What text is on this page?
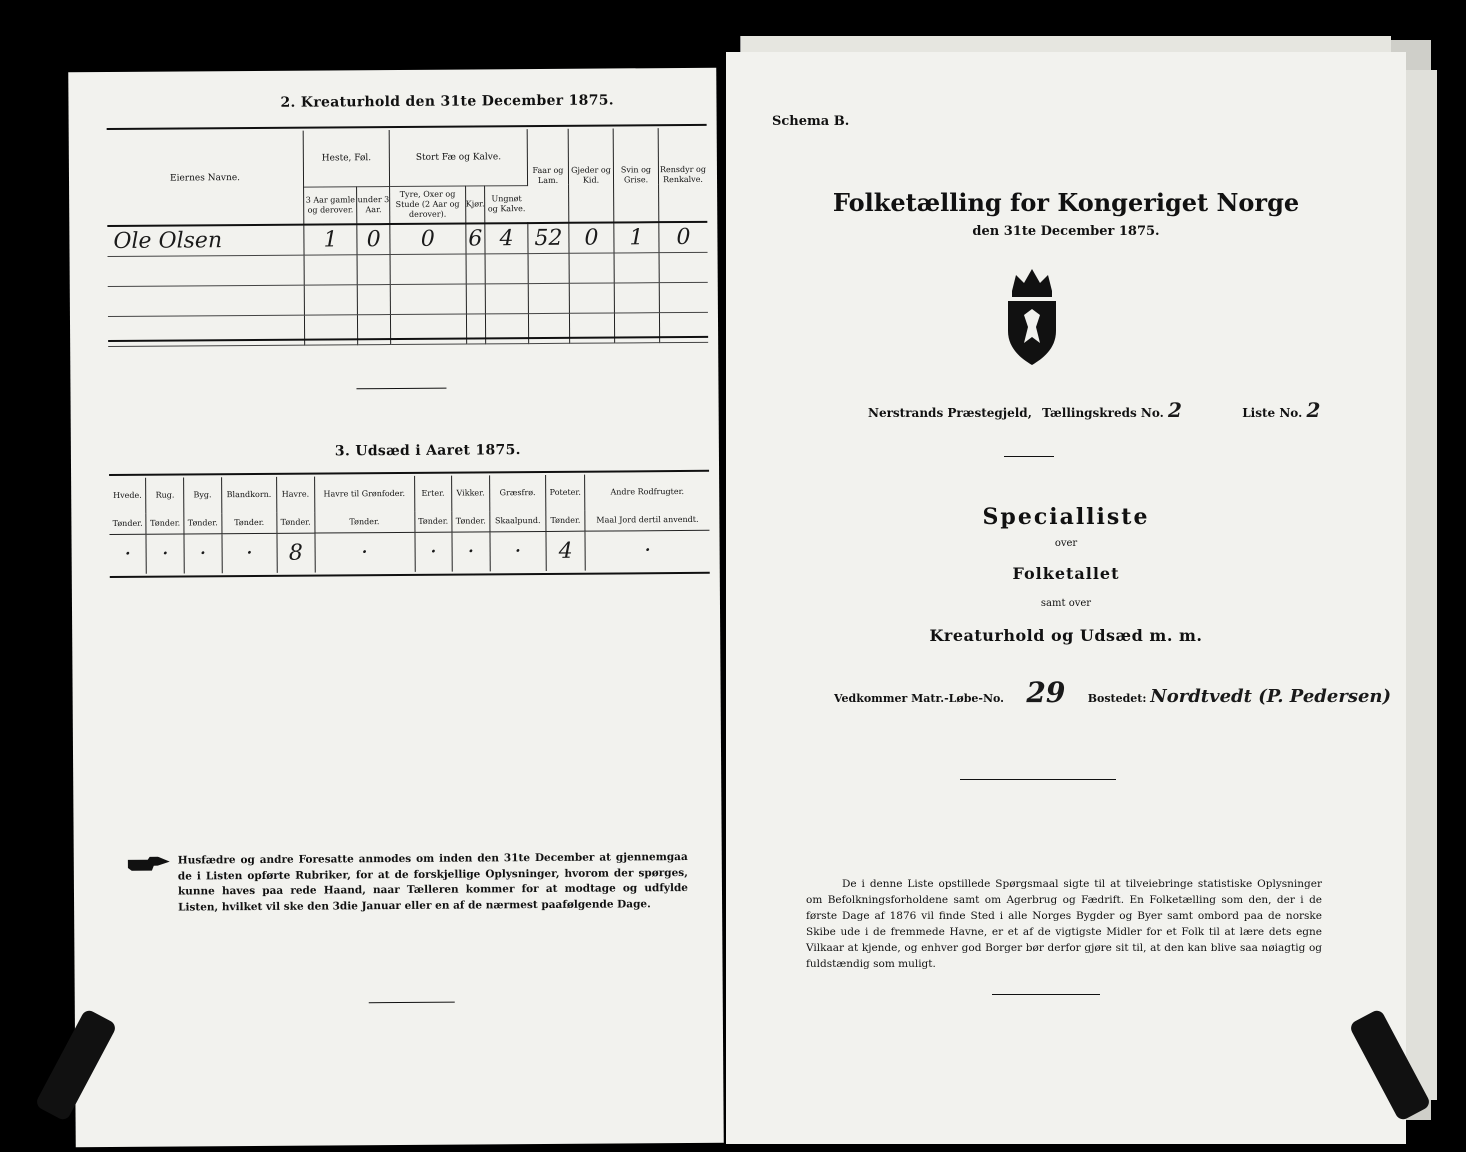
2. Kreaturhold den 31te December 1875.
Eiernes Navne.	Heste, Føl.		Stort Fæ og Kalve.			Faar og Lam.	Gjeder og Kid.	Svin og Grise.	Rensdyr og Renkalve.
	3 Aar gamle og derover.	under 3 Aar.	Tyre, Oxer og Stude (2 Aar og derover).	Kjør.	Ungnøt og Kalve.				
Ole Olsen	1	0	0	6	4	52	0	1	0

3. Udsæd i Aaret 1875.
Hvede.	Rug.	Byg.	Blandkorn.	Havre.	Havre til Grønfoder.	Erter.	Vikker.	Græsfrø.	Poteter.	Andre Rodfrugter.
Tønder.	Tønder.	Tønder.	Tønder.	Tønder.	Tønder.	Tønder.	Tønder.	Skaalpund.	Tønder.	Maal Jord dertil anvendt.
·	·	·	·	8	·	·	·	·	4	·
Husfædre og andre Foresatte anmodes om inden den 31te December at gjennemgaa de i Listen opførte Rubriker, for at de forskjellige Oplysninger, hvorom der spørges, kunne haves paa rede Haand, naar Tælleren kommer for at modtage og udfylde Listen, hvilket vil ske den 3die Januar eller en af de nærmest paafølgende Dage.
Schema B.
Folketælling for Kongeriget Norge
den 31te December 1875.
Nerstrands Præstegjeld, Tællingskreds No. 2	Liste No. 2
Specialliste
over
Folketallet
samt over
Kreaturhold og Udsæd m. m.
Vedkommer Matr.-Løbe-No. 29 Bostedet: Nordtvedt (P. Pedersen)
De i denne Liste opstillede Spørgsmaal sigte til at tilveiebringe statistiske Oplysninger om Befolkningsforholdene samt om Agerbrug og Fædrift. En Folketælling som den, der i de første Dage af 1876 vil finde Sted i alle Norges Bygder og Byer samt ombord paa de norske Skibe ude i de fremmede Havne, er et af de vigtigste Midler for et Folk til at lære dets egne Vilkaar at kjende, og enhver god Borger bør derfor gjøre sit til, at den kan blive saa nøiagtig og fuldstændig som muligt.
